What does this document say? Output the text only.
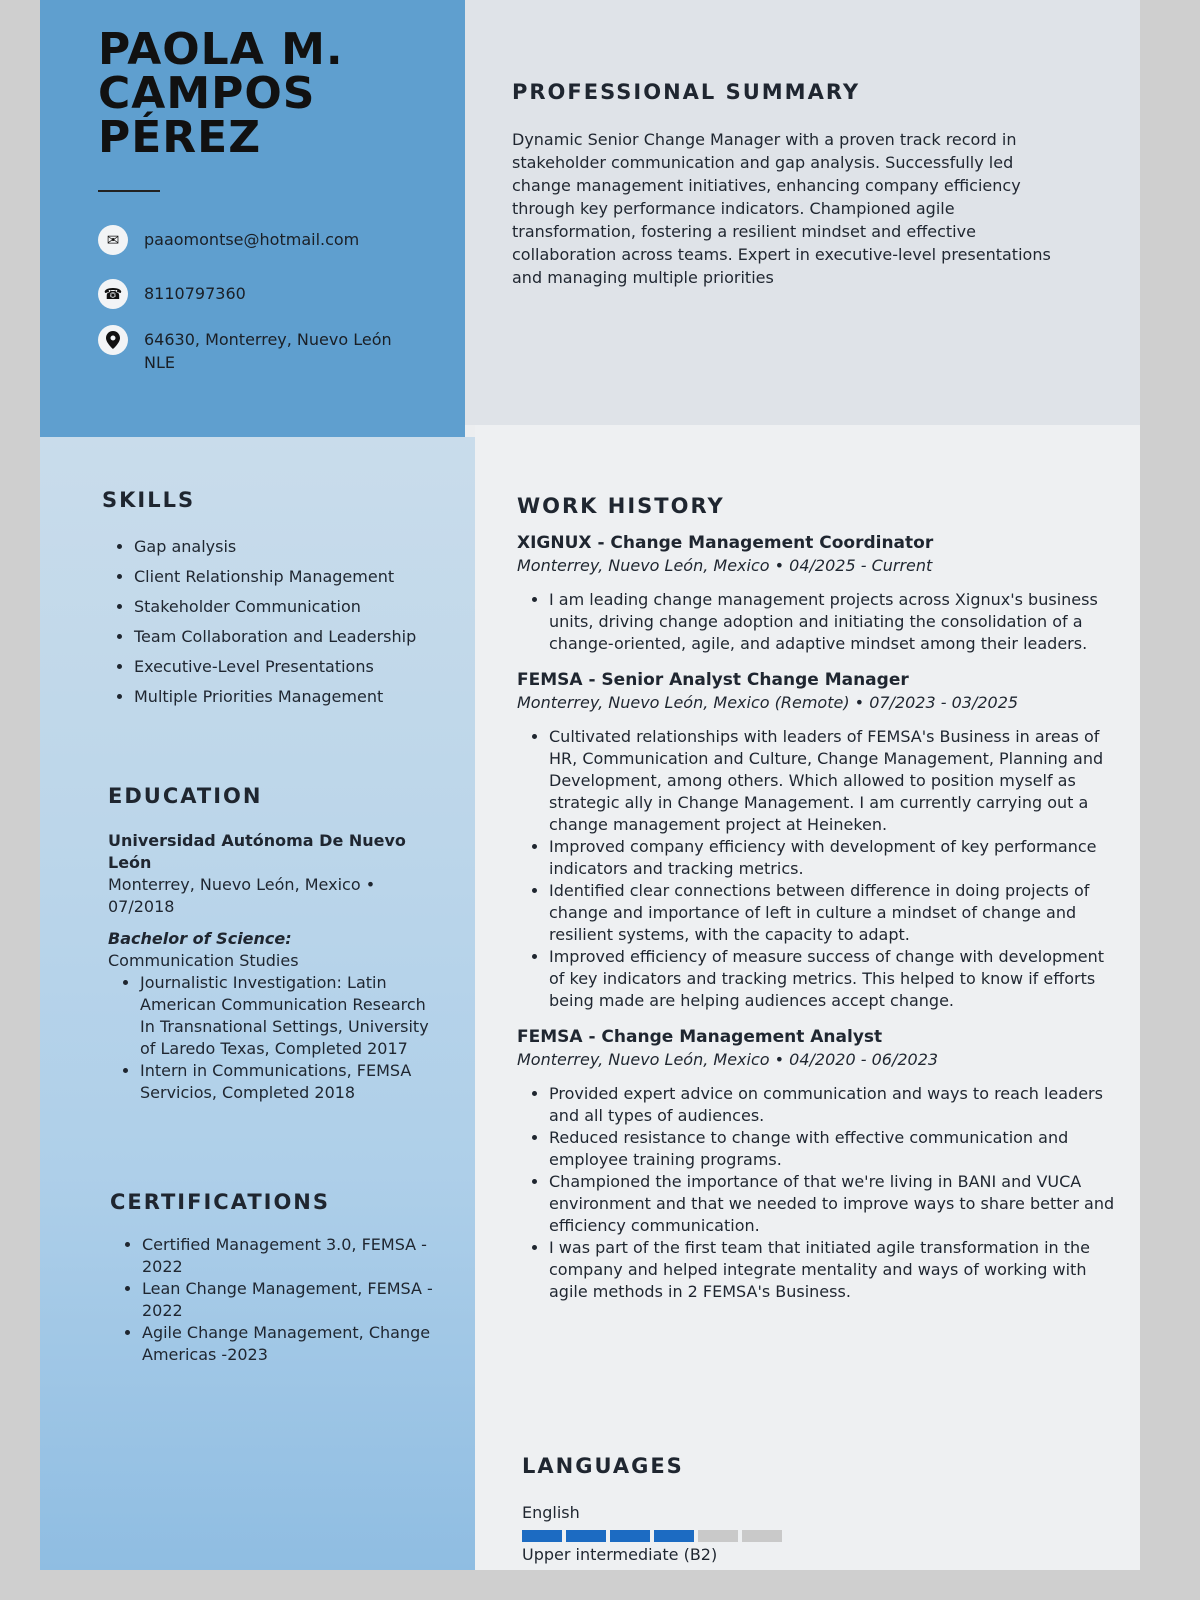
PAOLA M. CAMPOS PÉREZ
✉	paaomontse@hotmail.com
☎	8110797360
64630, Monterrey, Nuevo León
NLE
PROFESSIONAL SUMMARY
Dynamic Senior Change Manager with a proven track record in stakeholder communication and gap analysis. Successfully led change management initiatives, enhancing company efficiency through key performance indicators. Championed agile transformation, fostering a resilient mindset and effective collaboration across teams. Expert in executive-level presentations and managing multiple priorities
SKILLS
• Gap analysis
• Client Relationship Management
• Stakeholder Communication
• Team Collaboration and Leadership
• Executive-Level Presentations
• Multiple Priorities Management
EDUCATION
Universidad Autónoma De Nuevo León
Monterrey, Nuevo León, Mexico • 07/2018
Bachelor of Science:
Communication Studies
• Journalistic Investigation: Latin American Communication Research In Transnational Settings, University of Laredo Texas, Completed 2017
• Intern in Communications, FEMSA Servicios, Completed 2018
CERTIFICATIONS
• Certified Management 3.0, FEMSA - 2022
• Lean Change Management, FEMSA - 2022
• Agile Change Management, Change Americas -2023
WORK HISTORY
XIGNUX - Change Management Coordinator
Monterrey, Nuevo León, Mexico • 04/2025 - Current
• I am leading change management projects across Xignux's business units, driving change adoption and initiating the consolidation of a change-oriented, agile, and adaptive mindset among their leaders.
FEMSA - Senior Analyst Change Manager
Monterrey, Nuevo León, Mexico (Remote) • 07/2023 - 03/2025
• Cultivated relationships with leaders of FEMSA's Business in areas of HR, Communication and Culture, Change Management, Planning and Development, among others. Which allowed to position myself as strategic ally in Change Management. I am currently carrying out a change management project at Heineken.
• Improved company efficiency with development of key performance indicators and tracking metrics.
• Identified clear connections between difference in doing projects of change and importance of left in culture a mindset of change and resilient systems, with the capacity to adapt.
• Improved efficiency of measure success of change with development of key indicators and tracking metrics. This helped to know if efforts being made are helping audiences accept change.
FEMSA - Change Management Analyst
Monterrey, Nuevo León, Mexico • 04/2020 - 06/2023
• Provided expert advice on communication and ways to reach leaders and all types of audiences.
• Reduced resistance to change with effective communication and employee training programs.
• Championed the importance of that we're living in BANI and VUCA environment and that we needed to improve ways to share better and efficiency communication.
• I was part of the first team that initiated agile transformation in the company and helped integrate mentality and ways of working with agile methods in 2 FEMSA's Business.
LANGUAGES
English
Upper intermediate (B2)
